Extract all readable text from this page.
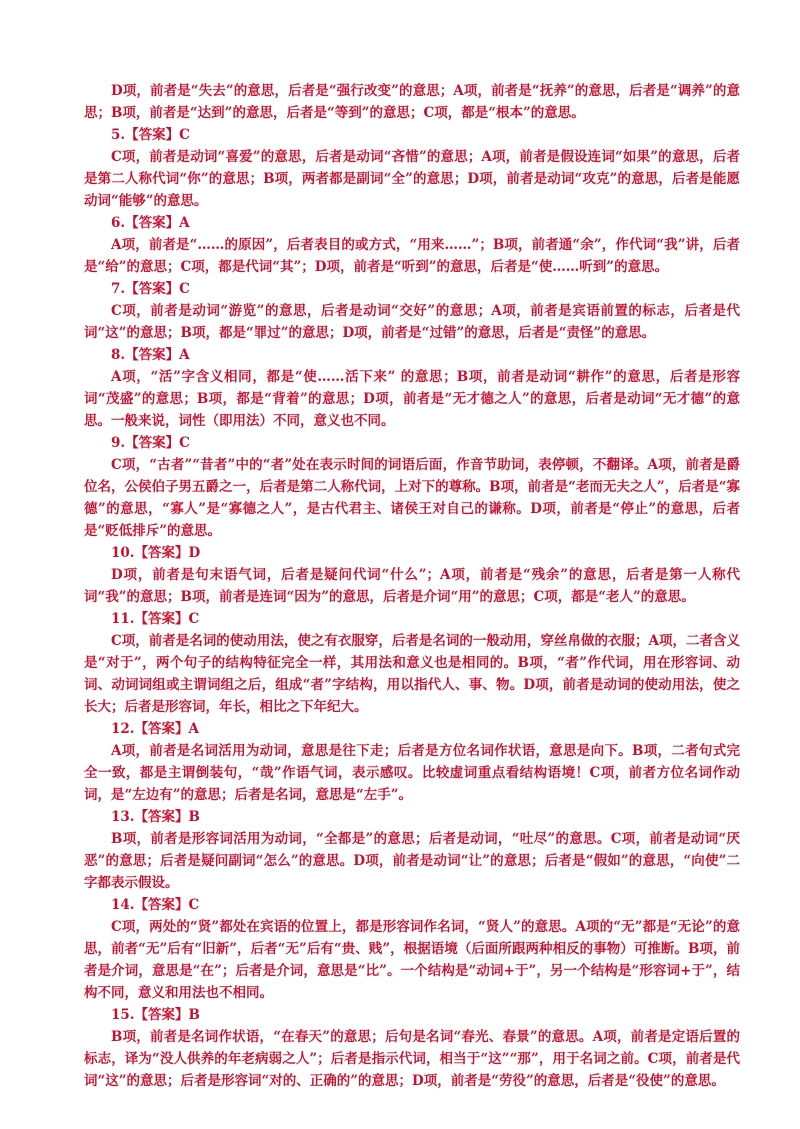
D项，前者是“失去”的意思，后者是“强行改变”的意思；A项，前者是“抚养”的意思，后者是“调养”的意思；B项，前者是“达到”的意思，后者是“等到”的意思；C项，都是“根本”的意思。

5.【答案】C

C项，前者是动词“喜爱”的意思，后者是动词“吝惜”的意思；A项，前者是假设连词“如果”的意思，后者是第二人称代词“你”的意思；B项，两者都是副词“全”的意思；D项，前者是动词“攻克”的意思，后者是能愿动词“能够”的意思。

6.【答案】A

A项，前者是“……的原因”，后者表目的或方式，“用来……”；B项，前者通“余”，作代词“我”讲，后者是“给”的意思；C项，都是代词“其”；D项，前者是“听到”的意思，后者是“使……听到”的意思。

7.【答案】C

C项，前者是动词“游览”的意思，后者是动词“交好”的意思；A项，前者是宾语前置的标志，后者是代词“这”的意思；B项，都是“罪过”的意思；D项，前者是“过错”的意思，后者是“责怪”的意思。

8.【答案】A

A项，“活”字含义相同，都是“使……活下来” 的意思；B项，前者是动词“耕作”的意思，后者是形容词“茂盛”的意思；B项，都是“背着”的意思；D项，前者是“无才德之人”的意思，后者是动词“无才德”的意思。一般来说，词性（即用法）不同，意义也不同。

9.【答案】C

C项，“古者”“昔者”中的“者”处在表示时间的词语后面，作音节助词，表停顿，不翻译。A项，前者是爵位名，公侯伯子男五爵之一，后者是第二人称代词，上对下的尊称。B项，前者是“老而无夫之人”，后者是“寡德”的意思，“寡人”是“寡德之人”，是古代君主、诸侯王对自己的谦称。D项，前者是“停止”的意思，后者是“贬低排斥”的意思。

10.【答案】D

D项，前者是句末语气词，后者是疑问代词“什么”；A项，前者是“残余”的意思，后者是第一人称代词“我”的意思；B项，前者是连词“因为”的意思，后者是介词“用”的意思；C项，都是“老人”的意思。

11.【答案】C

C项，前者是名词的使动用法，使之有衣服穿，后者是名词的一般动用，穿丝帛做的衣服；A项，二者含义是“对于”，两个句子的结构特征完全一样，其用法和意义也是相同的。B项，“者”作代词，用在形容词、动词、动词词组或主谓词组之后，组成“者”字结构，用以指代人、事、物。D项，前者是动词的使动用法，使之长大；后者是形容词，年长，相比之下年纪大。

12.【答案】A

A项，前者是名词活用为动词，意思是往下走；后者是方位名词作状语，意思是向下。B项，二者句式完全一致，都是主谓倒装句，“哉”作语气词，表示感叹。比较虚词重点看结构语境！C项，前者方位名词作动词，是“左边有”的意思；后者是名词，意思是“左手”。

13.【答案】B

B项，前者是形容词活用为动词，“全都是”的意思；后者是动词，“吐尽”的意思。C项，前者是动词“厌恶”的意思；后者是疑问副词“怎么”的意思。D项，前者是动词“让”的意思；后者是“假如”的意思，“向使”二字都表示假设。

14.【答案】C

C项，两处的“贤”都处在宾语的位置上，都是形容词作名词，“贤人”的意思。A项的“无”都是“无论”的意思，前者“无”后有“旧新”，后者“无”后有“贵、贱”，根据语境（后面所跟两种相反的事物）可推断。B项，前者是介词，意思是“在”；后者是介词，意思是“比”。一个结构是“动词+于”，另一个结构是“形容词+于”，结构不同，意义和用法也不相同。

15.【答案】B

B项，前者是名词作状语，“在春天”的意思；后句是名词“春光、春景”的意思。A项，前者是定语后置的标志，译为“没人供养的年老病弱之人”；后者是指示代词，相当于“这”“那”，用于名词之前。C项，前者是代词“这”的意思；后者是形容词“对的、正确的”的意思；D项，前者是“劳役”的意思，后者是“役使”的意思。
